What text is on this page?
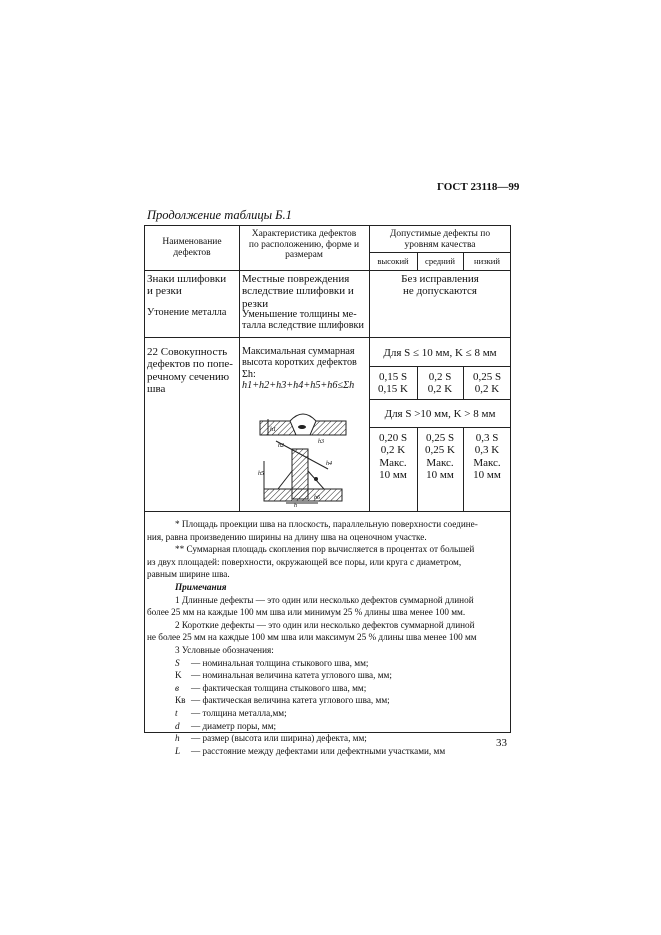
ГОСТ 23118—99
Продолжение таблицы Б.1
Наименование
дефектов
Характеристика дефектов
по расположению, форме и
размерам
Допустимые дефекты по
уровням качества
высокий	средний	низкий
Знаки шлифовки
и резки
Утонение металла
Местные повреждения
вследствие шлифовки и
резки
Уменьшение толщины ме-
талла вследствие шлифовки
Без исправления
не допускаются
22 Совокупность
дефектов по попе-
речному сечению
шва
Максимальная суммарная
высота коротких дефектов
Σh:
h1+h2+h3+h4+h5+h6≤Σh
h1
h2
h3
h4
h5
h6
h
Для S ≤ 10 мм, K ≤ 8 мм
0,15 S
0,15 K
0,2 S
0,2 K
0,25 S
0,2 K
Для S >10 мм, K > 8 мм
0,20 S
0,2 K
Макс.
10 мм
0,25 S
0,25 K
Макс.
10 мм
0,3 S
0,3 K
Макс.
10 мм
* Площадь проекции шва на плоскость, параллельную поверхности соедине-
ния, равна произведению ширины на длину шва на оценочном участке.
** Суммарная площадь скопления пор вычисляется в процентах от большей
из двух площадей: поверхности, окружающей все поры, или круга с диаметром,
равным ширине шва.
Примечания
1 Длинные дефекты — это один или несколько дефектов суммарной длиной
более 25 мм на каждые 100 мм шва или минимум 25 % длины шва менее 100 мм.
2 Короткие дефекты — это один или несколько дефектов суммарной длиной
не более 25 мм на каждые 100 мм шва или максимум 25 % длины шва менее 100 мм
3 Условные обозначения:
S — номинальная толщина стыкового шва, мм;
K — номинальная величина катета углового шва, мм;
в — фактическая толщина стыкового шва, мм;
Кв — фактическая величина катета углового шва, мм;
t — толщина металла,мм;
d — диаметр поры, мм;
h — размер (высота или ширина) дефекта, мм;
L — расстояние между дефектами или дефектными участками, мм
33
